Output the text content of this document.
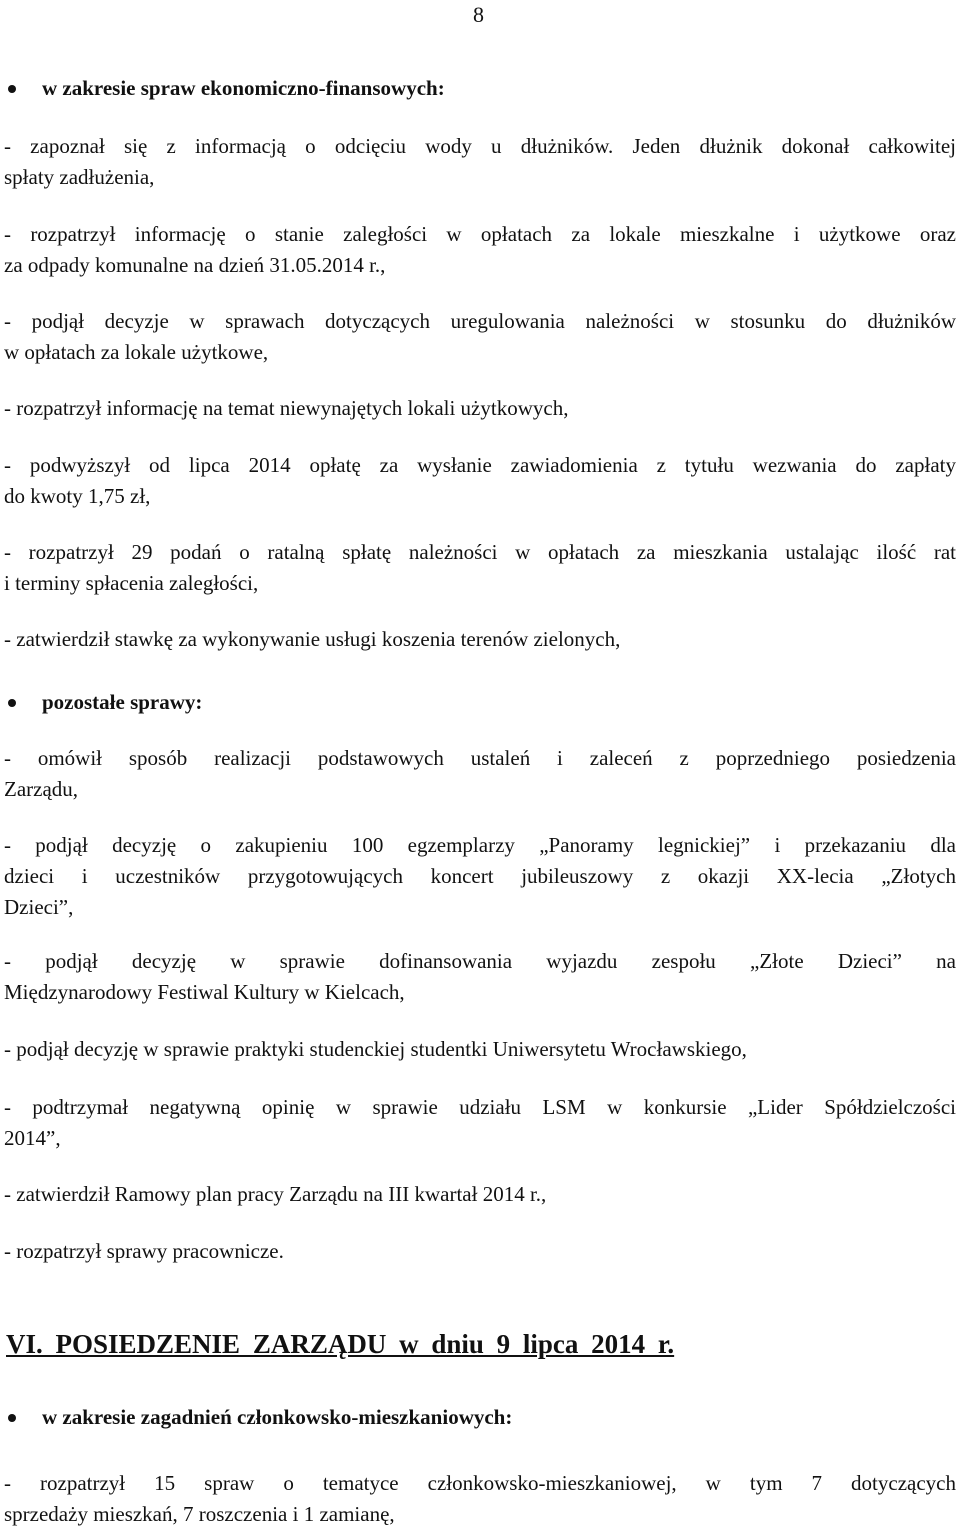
8
w zakresie spraw ekonomiczno-finansowych:
- zapoznał się z informacją o odcięciu wody u dłużników. Jeden dłużnik dokonał całkowitej
spłaty zadłużenia,
- rozpatrzył informację o stanie zaległości w opłatach za lokale mieszkalne i użytkowe oraz
za odpady komunalne na dzień 31.05.2014 r.,
- podjął decyzje w sprawach dotyczących uregulowania należności w stosunku do dłużników
w opłatach za lokale użytkowe,
- rozpatrzył informację na temat niewynajętych lokali użytkowych,
- podwyższył od lipca 2014 opłatę za wysłanie zawiadomienia z tytułu wezwania do zapłaty
do kwoty 1,75 zł,
- rozpatrzył 29 podań o ratalną spłatę należności w opłatach za mieszkania ustalając ilość rat
i terminy spłacenia zaległości,
- zatwierdził stawkę za wykonywanie usługi koszenia terenów zielonych,
pozostałe sprawy:
- omówił sposób realizacji podstawowych ustaleń i zaleceń z poprzedniego posiedzenia
Zarządu,
- podjął decyzję o zakupieniu 100 egzemplarzy „Panoramy legnickiej” i przekazaniu dla
dzieci i uczestników przygotowujących koncert jubileuszowy z okazji XX-lecia „Złotych
Dzieci”,
- podjął decyzję w sprawie dofinansowania wyjazdu zespołu „Złote Dzieci” na
Międzynarodowy Festiwal Kultury w Kielcach,
- podjął decyzję w sprawie praktyki studenckiej studentki Uniwersytetu Wrocławskiego,
- podtrzymał negatywną opinię w sprawie udziału LSM w konkursie „Lider Spółdzielczości
2014”,
- zatwierdził Ramowy plan pracy Zarządu na III kwartał 2014 r.,
- rozpatrzył sprawy pracownicze.
VI. POSIEDZENIE ZARZĄDU w dniu 9 lipca 2014 r.
w zakresie zagadnień członkowsko-mieszkaniowych:
- rozpatrzył 15 spraw o tematyce członkowsko-mieszkaniowej, w tym 7 dotyczących
sprzedaży mieszkań, 7 roszczenia i 1 zamianę,
